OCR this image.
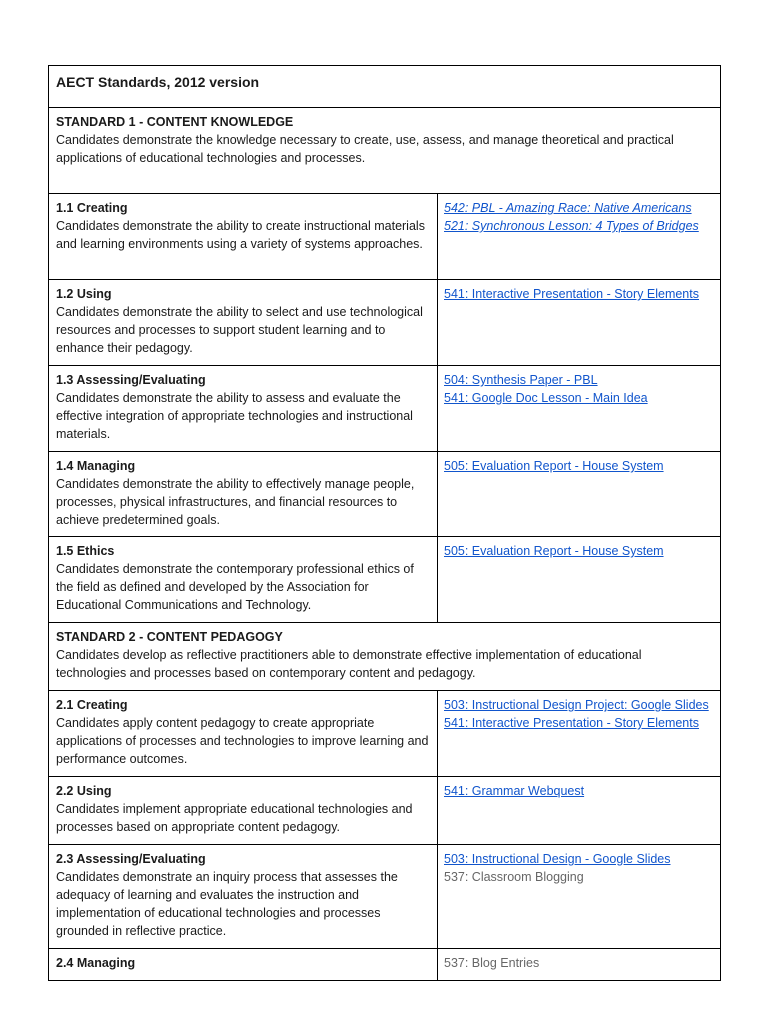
AECT Standards, 2012 version
STANDARD 1 - CONTENT KNOWLEDGE
Candidates demonstrate the knowledge necessary to create, use, assess, and manage theoretical and practical applications of educational technologies and processes.
1.1 Creating
Candidates demonstrate the ability to create instructional materials and learning environments using a variety of systems approaches.
542: PBL - Amazing Race: Native Americans
521: Synchronous Lesson: 4 Types of Bridges
1.2 Using
Candidates demonstrate the ability to select and use technological resources and processes to support student learning and to enhance their pedagogy.
541: Interactive Presentation - Story Elements
1.3 Assessing/Evaluating
Candidates demonstrate the ability to assess and evaluate the effective integration of appropriate technologies and instructional materials.
504: Synthesis Paper - PBL
541: Google Doc Lesson - Main Idea
1.4 Managing
Candidates demonstrate the ability to effectively manage people, processes, physical infrastructures, and financial resources to achieve predetermined goals.
505: Evaluation Report - House System
1.5 Ethics
Candidates demonstrate the contemporary professional ethics of the field as defined and developed by the Association for Educational Communications and Technology.
505: Evaluation Report - House System
STANDARD 2 - CONTENT PEDAGOGY
Candidates develop as reflective practitioners able to demonstrate effective implementation of educational technologies and processes based on contemporary content and pedagogy.
2.1 Creating
Candidates apply content pedagogy to create appropriate applications of processes and technologies to improve learning and performance outcomes.
503: Instructional Design Project: Google Slides
541: Interactive Presentation - Story Elements
2.2 Using
Candidates implement appropriate educational technologies and processes based on appropriate content pedagogy.
541: Grammar Webquest
2.3 Assessing/Evaluating
Candidates demonstrate an inquiry process that assesses the adequacy of learning and evaluates the instruction and implementation of educational technologies and processes grounded in reflective practice.
503: Instructional Design - Google Slides
537: Classroom Blogging
2.4 Managing	537: Blog Entries
